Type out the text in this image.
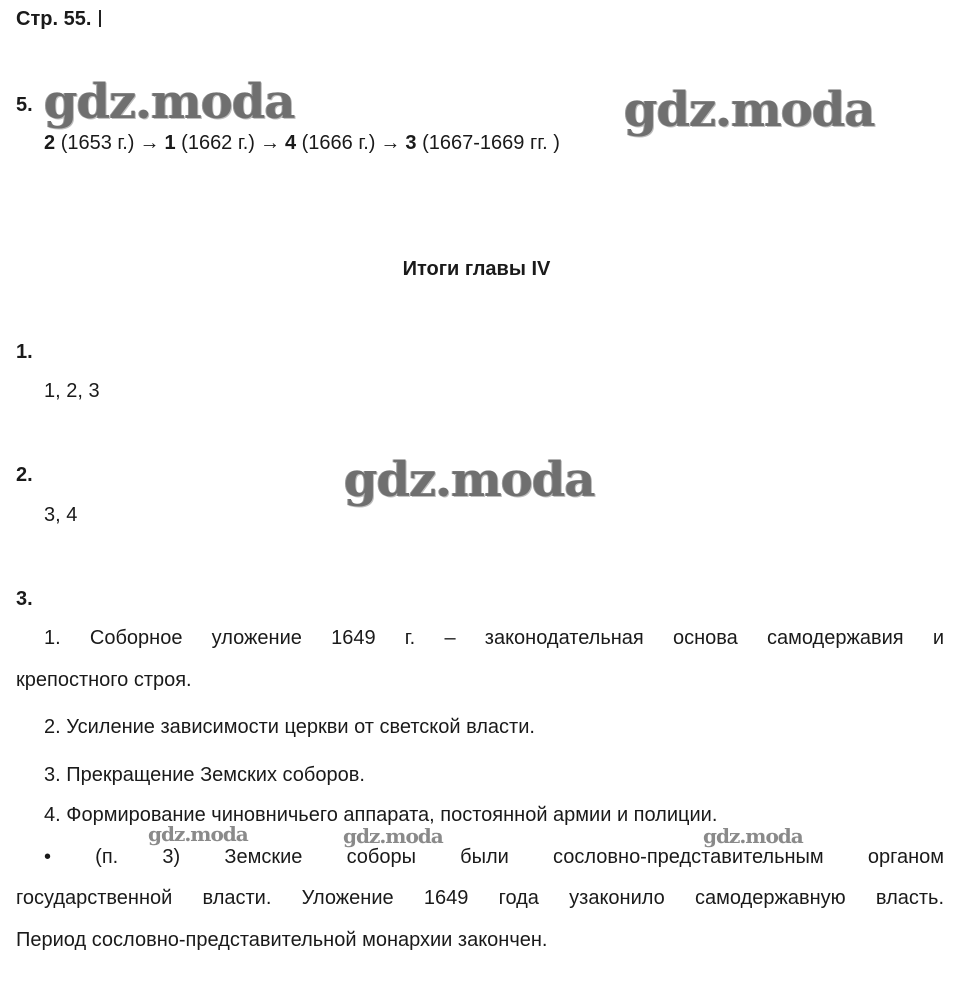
Стр. 55.
gdz.moda	gdz.moda
gdz.moda
gdz.moda	gdz.moda	gdz.moda
5.
2 (1653 г.) → 1 (1662 г.) → 4 (1666 г.) → 3 (1667-1669 гг. )
Итоги главы IV
1.
1, 2, 3
2.
3, 4
3.
1. Соборное уложение 1649 г. – законодательная основа самодержавия и
крепостного строя.
2. Усиление зависимости церкви от светской власти.
3. Прекращение Земских соборов.
4. Формирование чиновничьего аппарата, постоянной армии и полиции.
• (п. 3) Земские соборы были сословно-представительным органом
государственной власти. Уложение 1649 года узаконило самодержавную власть.
Период сословно-представительной монархии закончен.
